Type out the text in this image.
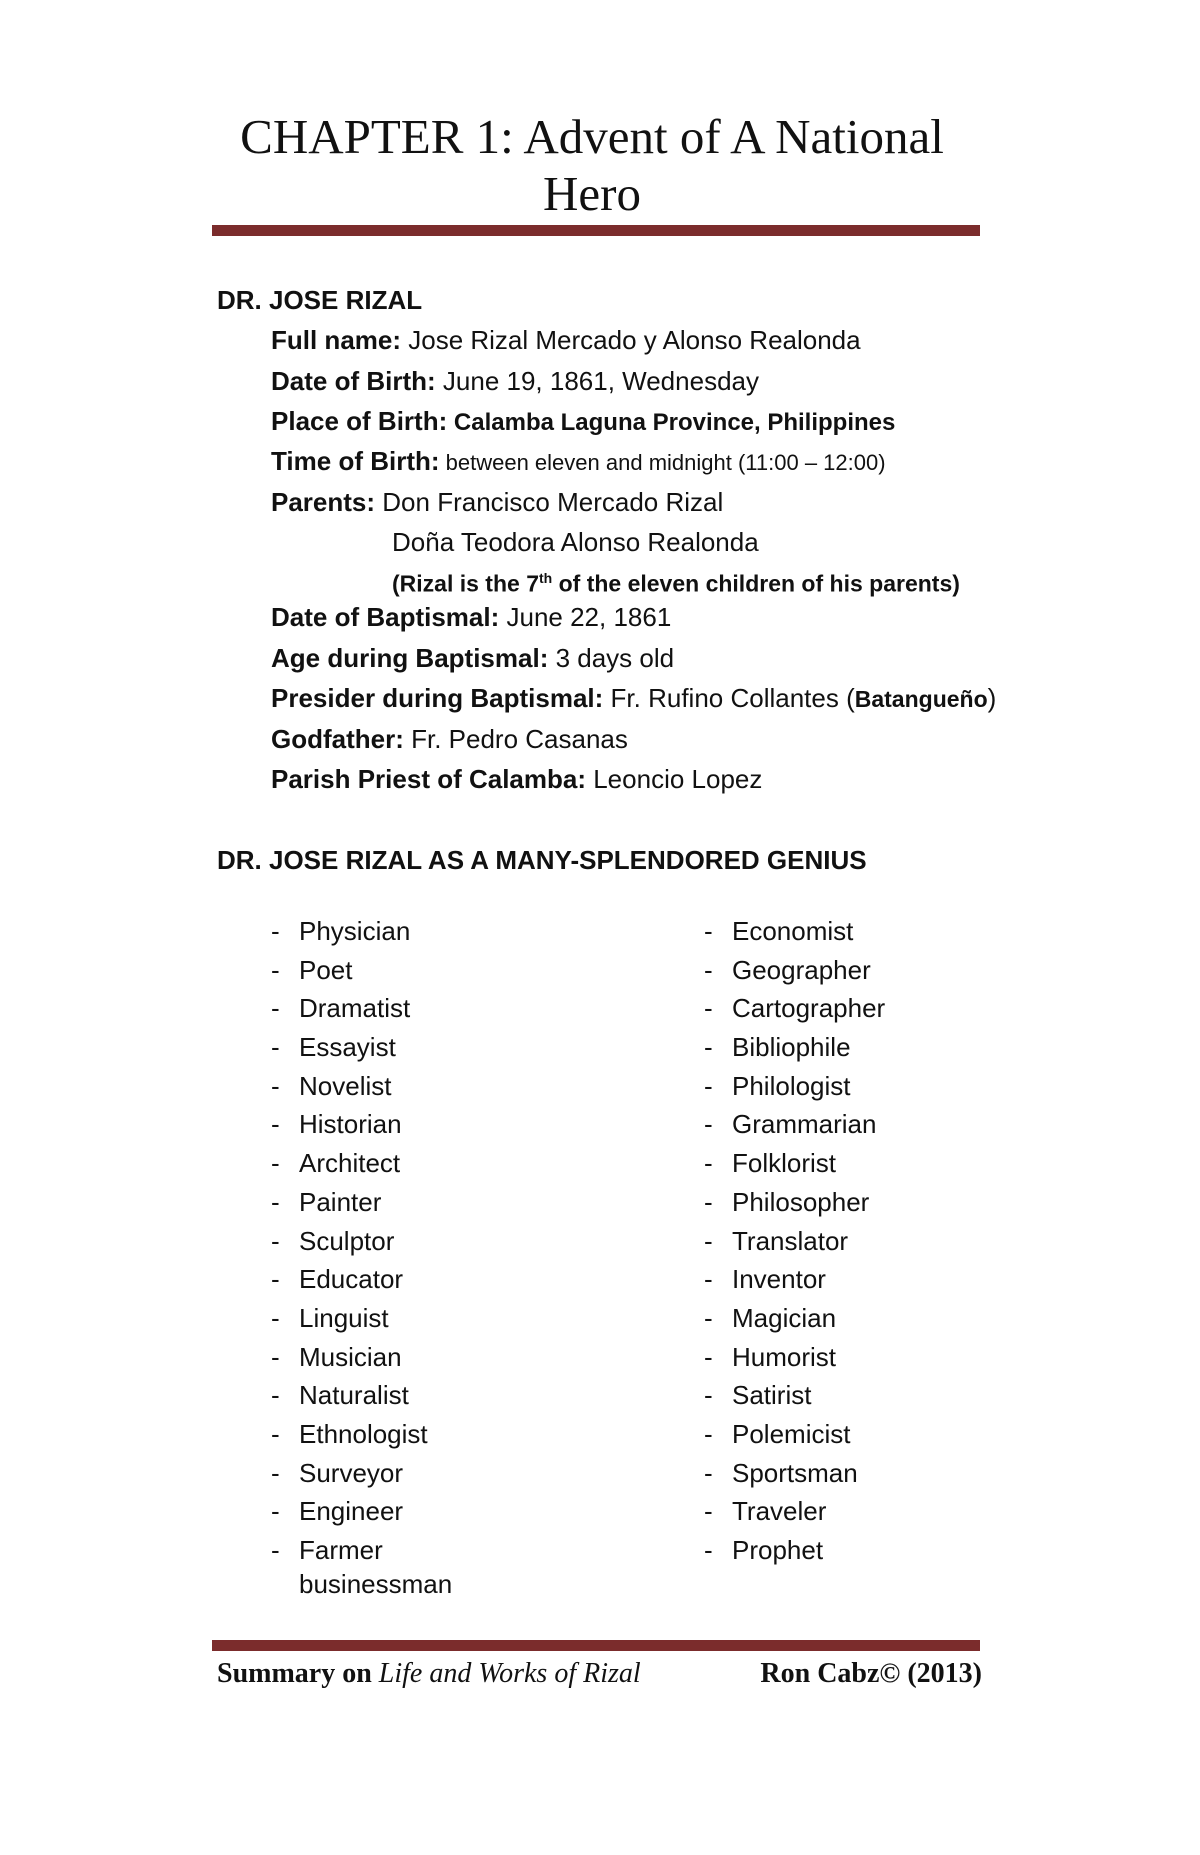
CHAPTER 1: Advent of A National
Hero
DR. JOSE RIZAL
Full name: Jose Rizal Mercado y Alonso Realonda
Date of Birth: June 19, 1861, Wednesday
Place of Birth: Calamba Laguna Province, Philippines
Time of Birth: between eleven and midnight (11:00 – 12:00)
Parents: Don Francisco Mercado Rizal
Doña Teodora Alonso Realonda
(Rizal is the 7th of the eleven children of his parents)
Date of Baptismal: June 22, 1861
Age during Baptismal: 3 days old
Presider during Baptismal: Fr. Rufino Collantes (Batangueño)
Godfather: Fr. Pedro Casanas
Parish Priest of Calamba: Leoncio Lopez
DR. JOSE RIZAL AS A MANY-SPLENDORED GENIUS
- Physician
- Poet
- Dramatist
- Essayist
- Novelist
- Historian
- Architect
- Painter
- Sculptor
- Educator
- Linguist
- Musician
- Naturalist
- Ethnologist
- Surveyor
- Engineer
- Farmer
businessman
- Economist
- Geographer
- Cartographer
- Bibliophile
- Philologist
- Grammarian
- Folklorist
- Philosopher
- Translator
- Inventor
- Magician
- Humorist
- Satirist
- Polemicist
- Sportsman
- Traveler
- Prophet
Summary on Life and Works of Rizal	Ron Cabz© (2013)
